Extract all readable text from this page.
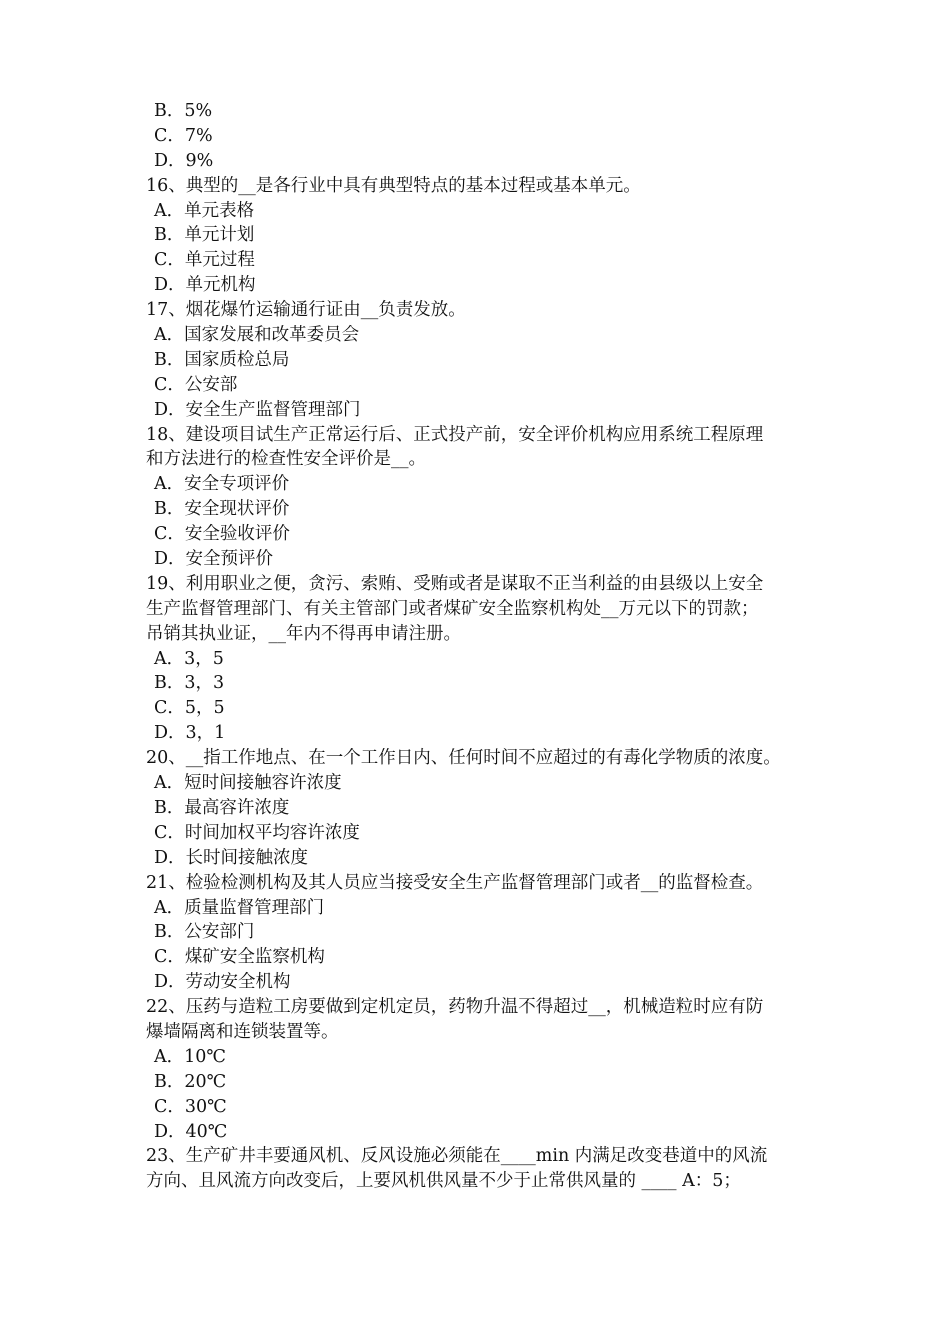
B．5%
C．7%
D．9%
16、典型的__是各行业中具有典型特点的基本过程或基本单元。
A．单元表格
B．单元计划
C．单元过程
D．单元机构
17、烟花爆竹运输通行证由__负责发放。
A．国家发展和改革委员会
B．国家质检总局
C．公安部
D．安全生产监督管理部门
18、建设项目试生产正常运行后、正式投产前，安全评价机构应用系统工程原理
和方法进行的检查性安全评价是__。
A．安全专项评价
B．安全现状评价
C．安全验收评价
D．安全预评价
19、利用职业之便，贪污、索贿、受贿或者是谋取不正当利益的由县级以上安全
生产监督管理部门、有关主管部门或者煤矿安全监察机构处__万元以下的罚款；
吊销其执业证，__年内不得再申请注册。
A．3，5
B．3，3
C．5，5
D．3，1
20、__指工作地点、在一个工作日内、任何时间不应超过的有毒化学物质的浓度。
A．短时间接触容许浓度
B．最高容许浓度
C．时间加权平均容许浓度
D．长时间接触浓度
21、检验检测机构及其人员应当接受安全生产监督管理部门或者__的监督检查。
A．质量监督管理部门
B．公安部门
C．煤矿安全监察机构
D．劳动安全机构
22、压药与造粒工房要做到定机定员，药物升温不得超过__，机械造粒时应有防
爆墙隔离和连锁装置等。
A．10℃
B．20℃
C．30℃
D．40℃
23、生产矿井丰要通风机、反风设施必须能在____min 内满足改变巷道中的风流
方向、且风流方向改变后，上要风机供风量不少于止常供风量的 ____ A：5；
